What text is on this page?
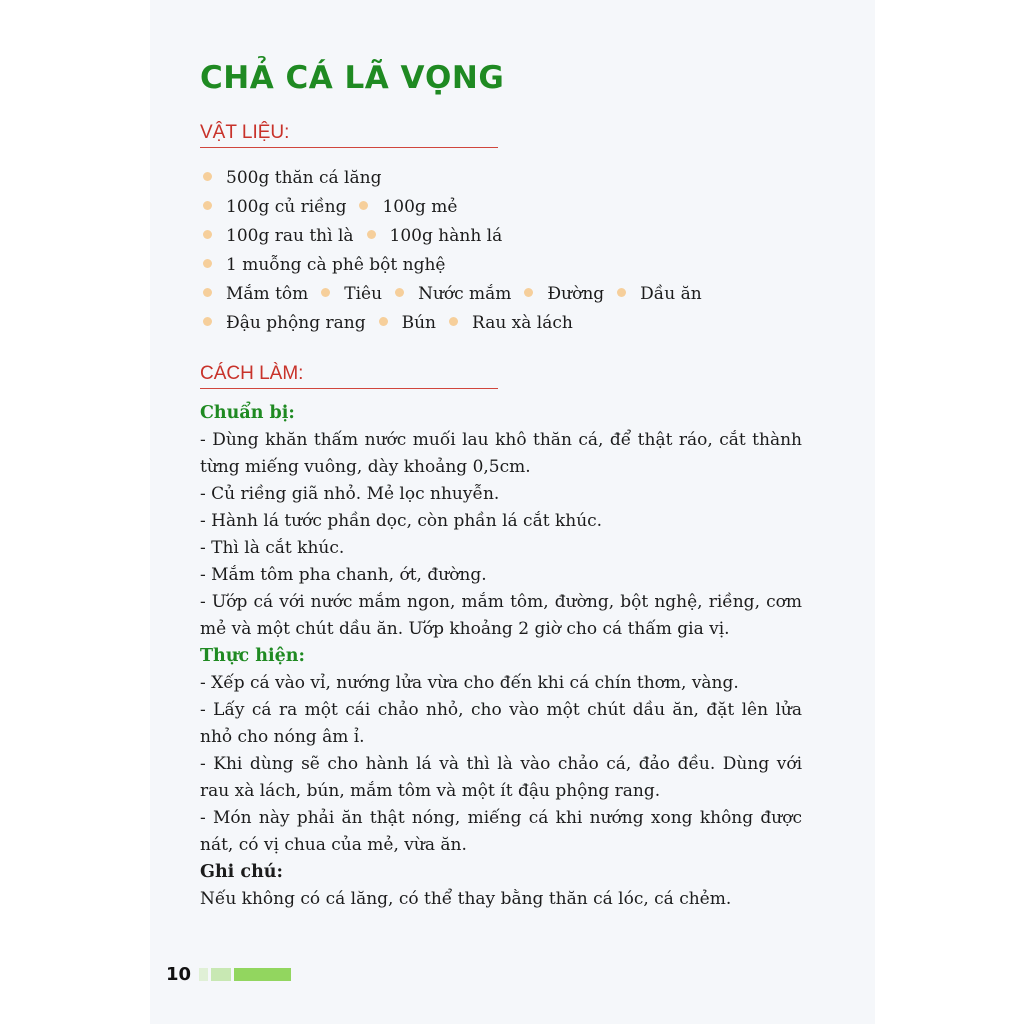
CHẢ CÁ LÃ VỌNG
VẬT LIỆU:
500g thăn cá lăng
100g củ riềng 100g mẻ
100g rau thì là 100g hành lá
1 muỗng cà phê bột nghệ
Mắm tôm Tiêu Nước mắm Đường Dầu ăn
Đậu phộng rang Bún Rau xà lách
CÁCH LÀM:

Chuẩn bị:

- Dùng khăn thấm nước muối lau khô thăn cá, để thật ráo, cắt thành từng miếng vuông, dày khoảng 0,5cm.

- Củ riềng giã nhỏ. Mẻ lọc nhuyễn.

- Hành lá tước phần dọc, còn phần lá cắt khúc.

- Thì là cắt khúc.

- Mắm tôm pha chanh, ớt, đường.

- Ướp cá với nước mắm ngon, mắm tôm, đường, bột nghệ, riềng, cơm mẻ và một chút dầu ăn. Ướp khoảng 2 giờ cho cá thấm gia vị.

Thực hiện:

- Xếp cá vào vỉ, nướng lửa vừa cho đến khi cá chín thơm, vàng.

- Lấy cá ra một cái chảo nhỏ, cho vào một chút dầu ăn, đặt lên lửa nhỏ cho nóng âm ỉ.

- Khi dùng sẽ cho hành lá và thì là vào chảo cá, đảo đều. Dùng với rau xà lách, bún, mắm tôm và một ít đậu phộng rang.

- Món này phải ăn thật nóng, miếng cá khi nướng xong không được nát, có vị chua của mẻ, vừa ăn.

Ghi chú:

Nếu không có cá lăng, có thể thay bằng thăn cá lóc, cá chẻm.

10
